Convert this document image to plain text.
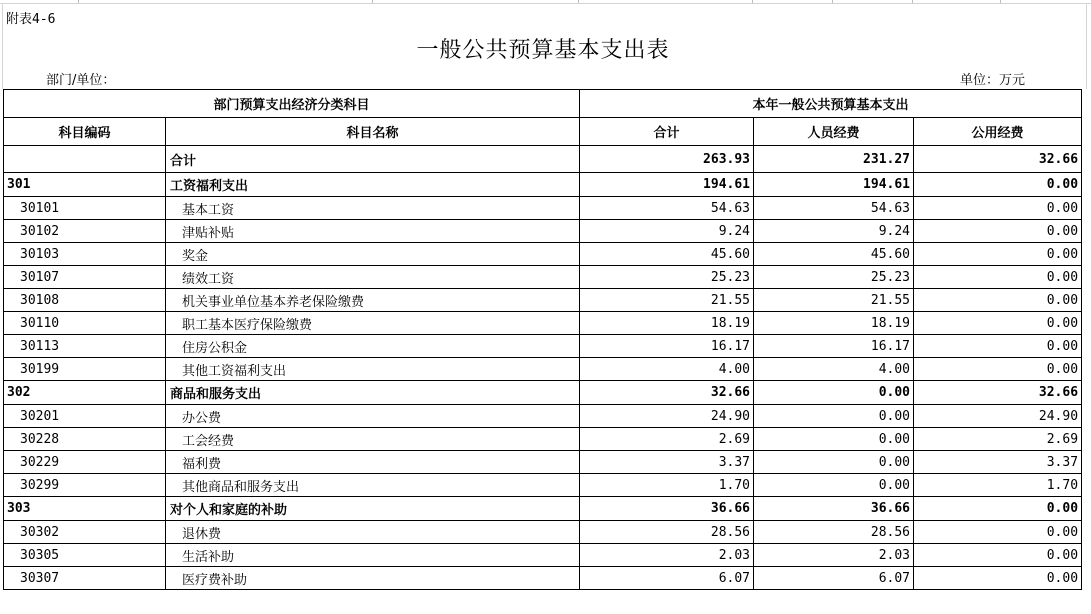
附表4-6
一般公共预算基本支出表
部门/单位：	单位：万元
部门预算支出经济分类科目		本年一般公共预算基本支出		
科目编码	科目名称	合计	人员经费	公用经费
	合计	263.93	231.27	32.66
301	工资福利支出	194.61	194.61	0.00
30101	基本工资	54.63	54.63	0.00
30102	津贴补贴	9.24	9.24	0.00
30103	奖金	45.60	45.60	0.00
30107	绩效工资	25.23	25.23	0.00
30108	机关事业单位基本养老保险缴费	21.55	21.55	0.00
30110	职工基本医疗保险缴费	18.19	18.19	0.00
30113	住房公积金	16.17	16.17	0.00
30199	其他工资福利支出	4.00	4.00	0.00
302	商品和服务支出	32.66	0.00	32.66
30201	办公费	24.90	0.00	24.90
30228	工会经费	2.69	0.00	2.69
30229	福利费	3.37	0.00	3.37
30299	其他商品和服务支出	1.70	0.00	1.70
303	对个人和家庭的补助	36.66	36.66	0.00
30302	退休费	28.56	28.56	0.00
30305	生活补助	2.03	2.03	0.00
30307	医疗费补助	6.07	6.07	0.00
